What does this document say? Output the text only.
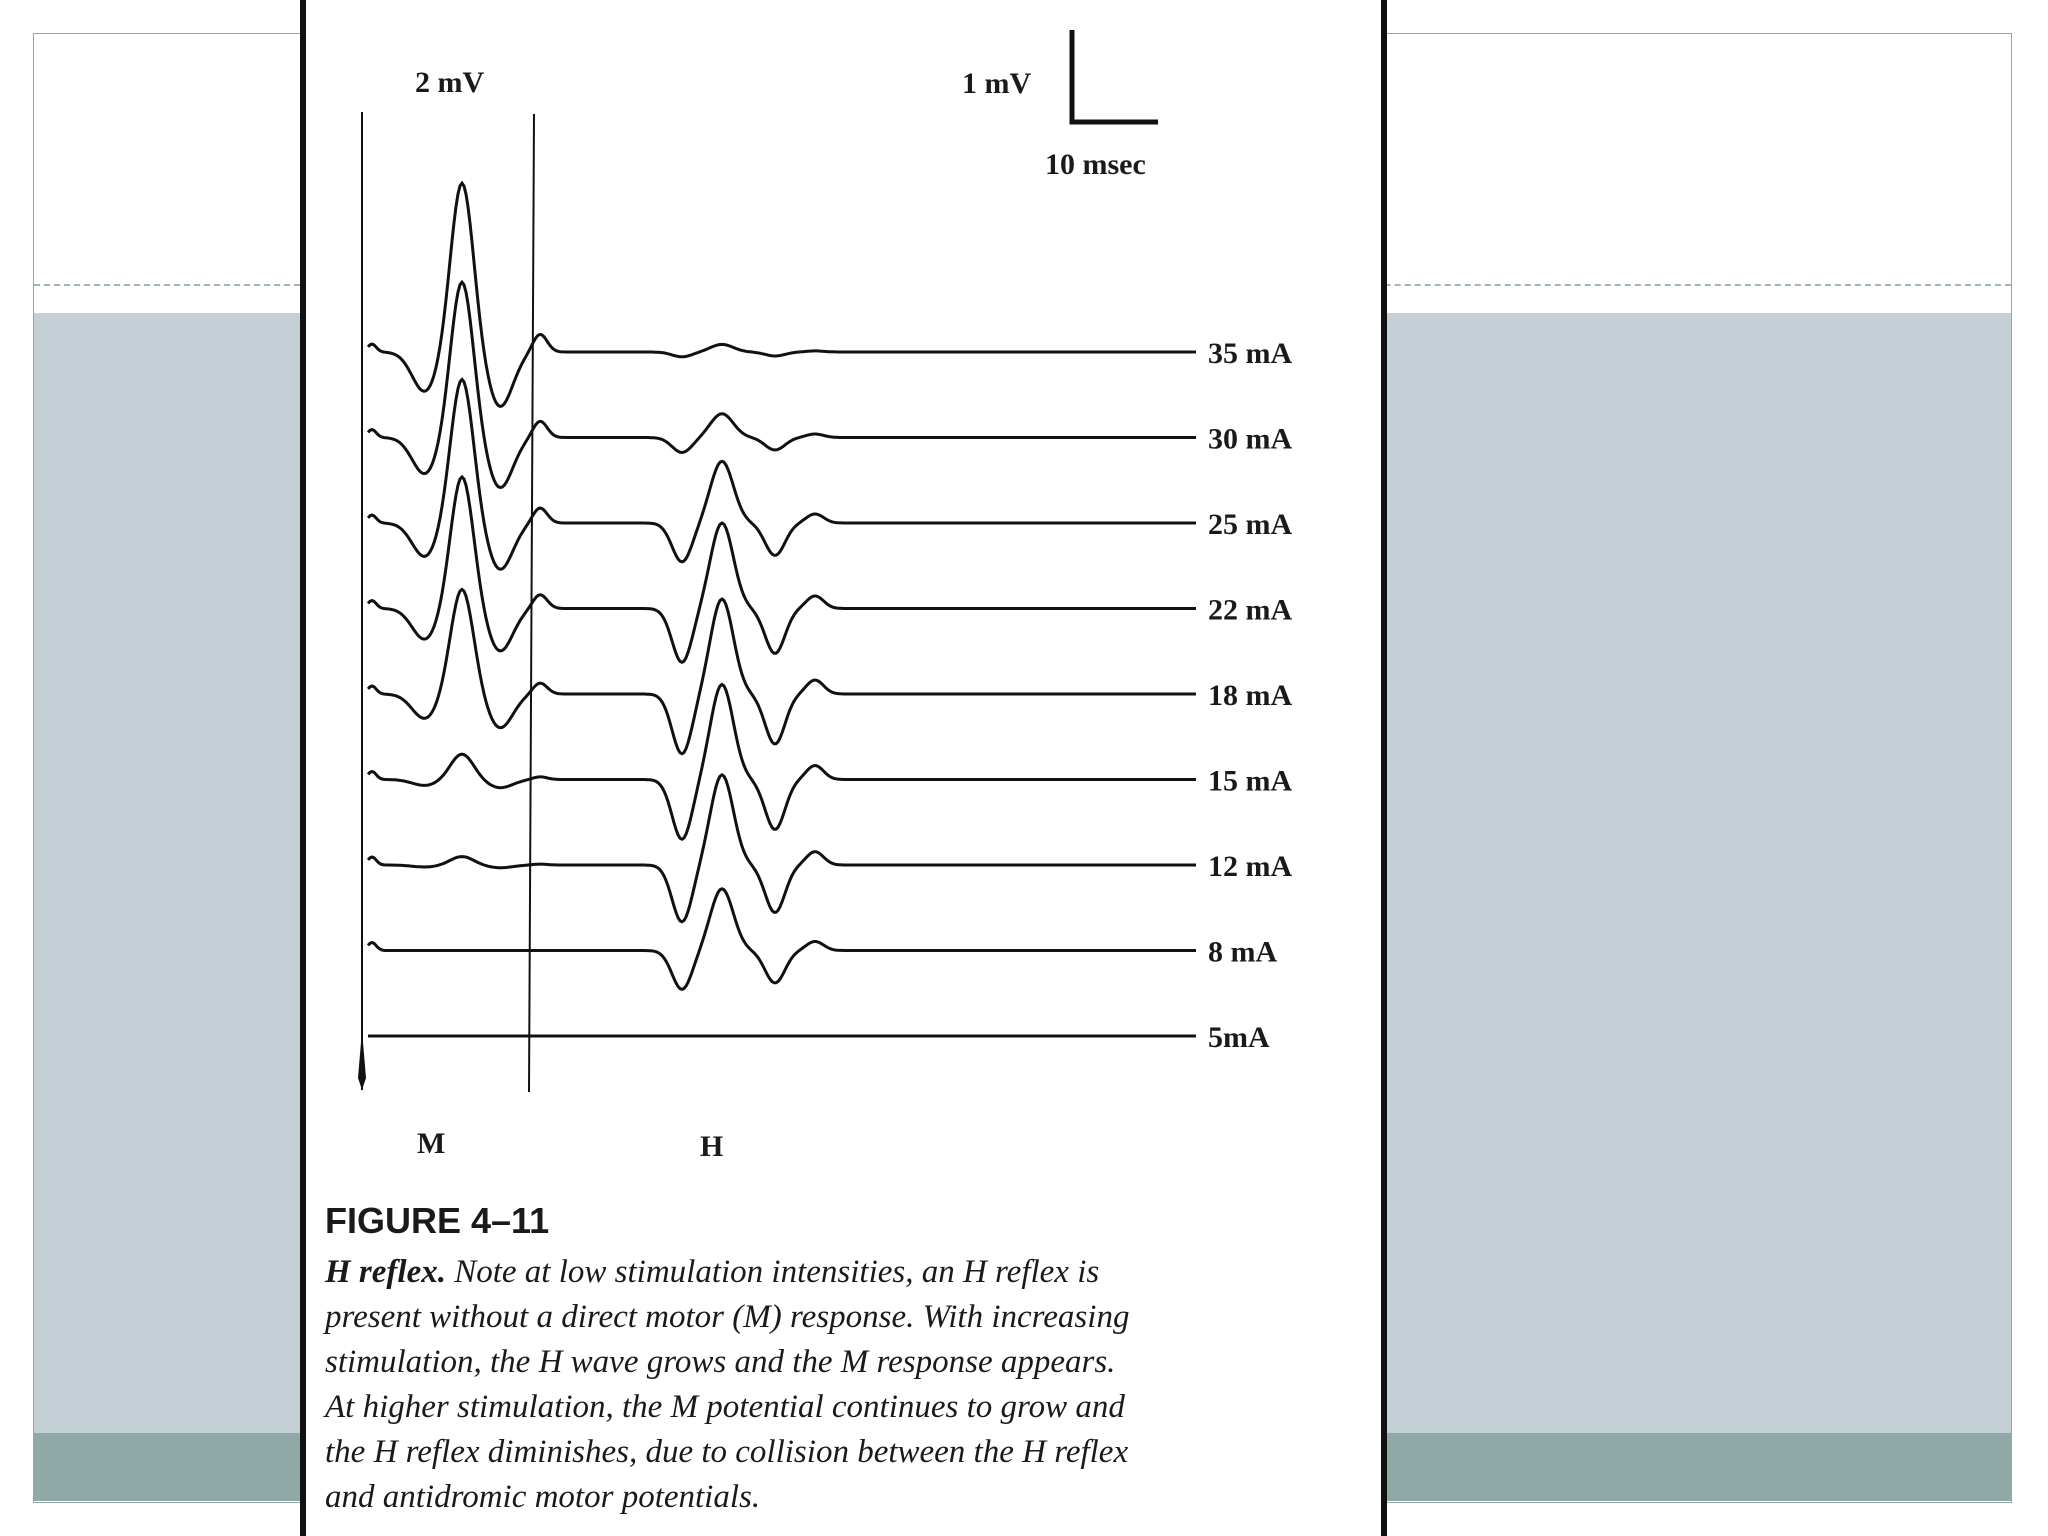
2 mV	1 mV
10 msec
35 mA
30 mA
25 mA
22 mA
18 mA
15 mA
12 mA
8 mA
5mA
M	H
FIGURE 4–11
H reflex. Note at low stimulation intensities, an H reflex is
present without a direct motor (M) response. With increasing
stimulation, the H wave grows and the M response appears.
At higher stimulation, the M potential continues to grow and
the H reflex diminishes, due to collision between the H reflex
and antidromic motor potentials.
